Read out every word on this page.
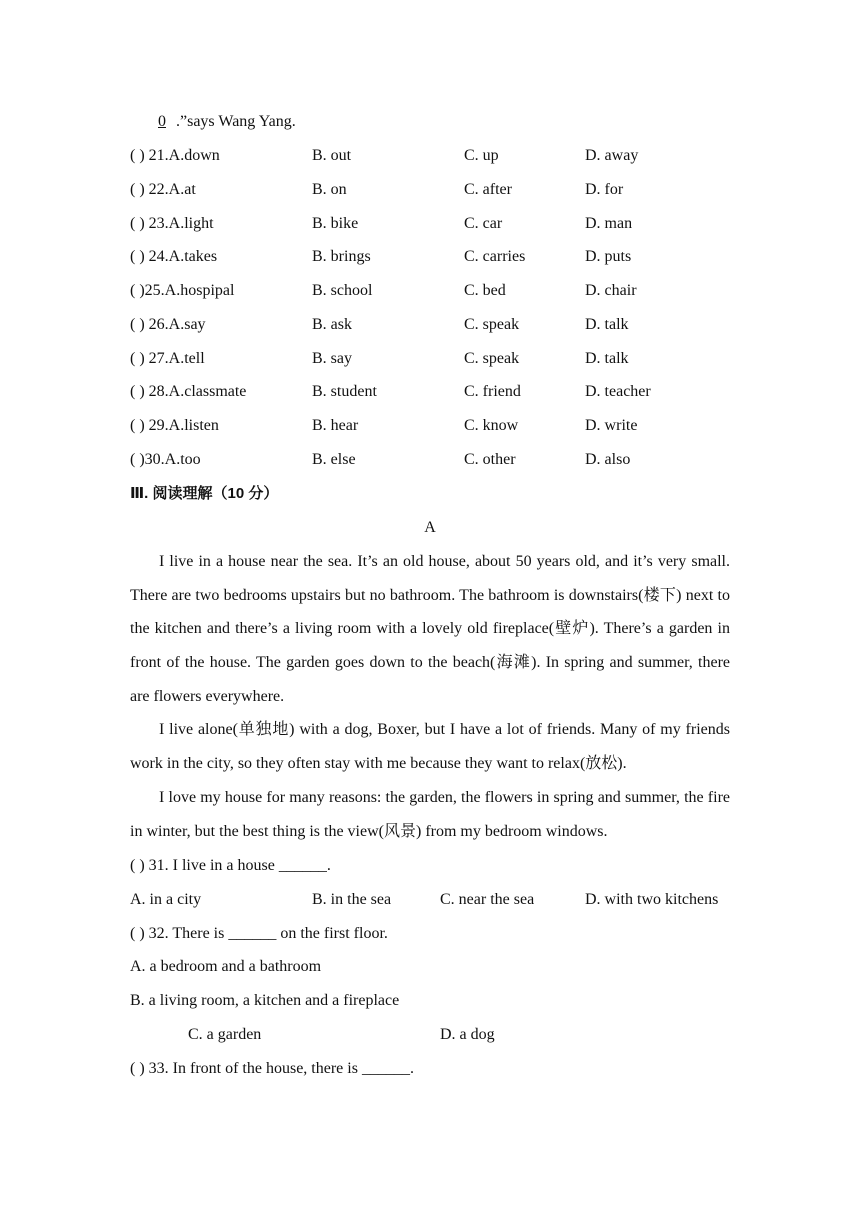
0 .”says Wang Yang.
( ) 21.A.down	B. out	C. up	D. away
( ) 22.A.at	B. on	C. after	D. for
( ) 23.A.light	B. bike	C. car	D. man
( ) 24.A.takes	B. brings	C. carries	D. puts
( )25.A.hospipal	B. school	C. bed	D. chair
( ) 26.A.say	B. ask	C. speak	D. talk
( ) 27.A.tell	B. say	C. speak	D. talk
( ) 28.A.classmate	B. student	C. friend	D. teacher
( ) 29.A.listen	B. hear	C. know	D. write
( )30.A.too	B. else	C. other	D. also
Ⅲ. 阅读理解（10 分）
A

I live in a house near the sea. It’s an old house, about 50 years old, and it’s very small. There are two bedrooms upstairs but no bathroom. The bathroom is downstairs(楼下) next to the kitchen and there’s a living room with a lovely old fireplace(壁炉). There’s a garden in front of the house. The garden goes down to the beach(海滩). In spring and summer, there are flowers everywhere.

I live alone(单独地) with a dog, Boxer, but I have a lot of friends. Many of my friends work in the city, so they often stay with me because they want to relax(放松).

I love my house for many reasons: the garden, the flowers in spring and summer, the fire in winter, but the best thing is the view(风景) from my bedroom windows.

( ) 31. I live in a house ______.
A. in a city	B. in the sea	C. near the sea	D. with two kitchens
( ) 32. There is ______ on the first floor.
A. a bedroom and a bathroom
B. a living room, a kitchen and a fireplace
C. a garden	D. a dog
( ) 33. In front of the house, there is ______.
